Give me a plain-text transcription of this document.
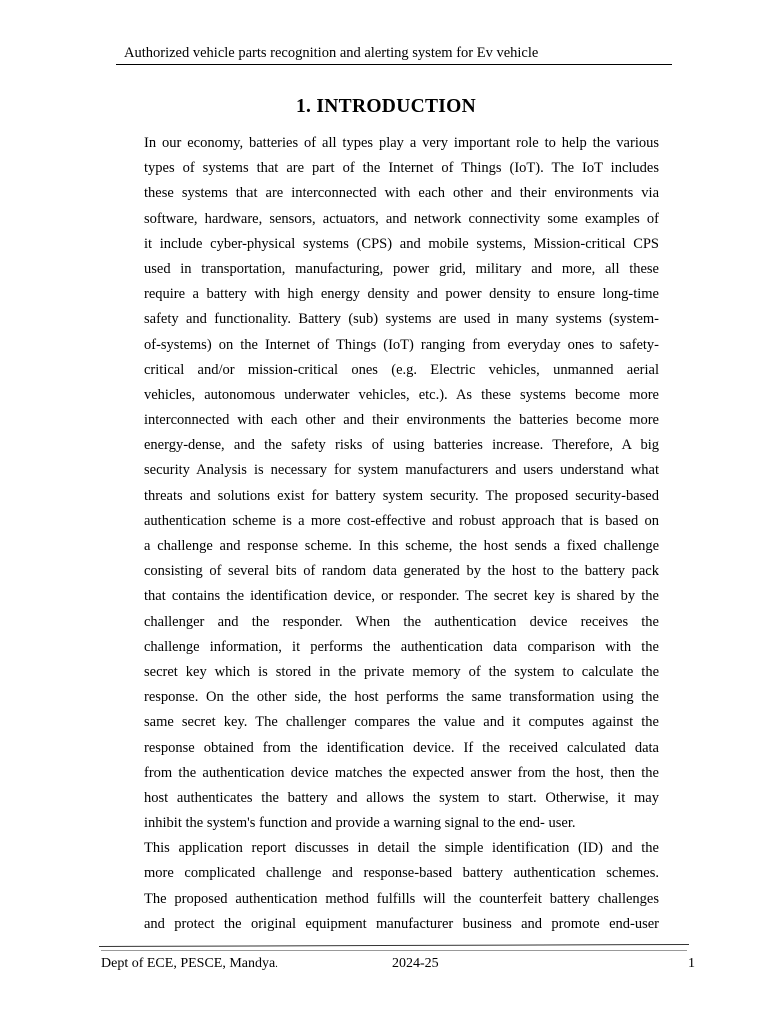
Authorized vehicle parts recognition and alerting system for Ev vehicle
1. INTRODUCTION
In our economy, batteries of all types play a very important role to help the various
types of systems that are part of the Internet of Things (IoT). The IoT includes
these systems that are interconnected with each other and their environments via
software, hardware, sensors, actuators, and network connectivity some examples of
it include cyber-physical systems (CPS) and mobile systems, Mission-critical CPS
used in transportation, manufacturing, power grid, military and more, all these
require a battery with high energy density and power density to ensure long-time
safety and functionality. Battery (sub) systems are used in many systems (system-
of-systems) on the Internet of Things (IoT) ranging from everyday ones to safety-
critical and/or mission-critical ones (e.g. Electric vehicles, unmanned aerial
vehicles, autonomous underwater vehicles, etc.). As these systems become more
interconnected with each other and their environments the batteries become more
energy-dense, and the safety risks of using batteries increase. Therefore, A big
security Analysis is necessary for system manufacturers and users understand what
threats and solutions exist for battery system security. The proposed security-based
authentication scheme is a more cost-effective and robust approach that is based on
a challenge and response scheme. In this scheme, the host sends a fixed challenge
consisting of several bits of random data generated by the host to the battery pack
that contains the identification device, or responder. The secret key is shared by the
challenger and the responder. When the authentication device receives the
challenge information, it performs the authentication data comparison with the
secret key which is stored in the private memory of the system to calculate the
response. On the other side, the host performs the same transformation using the
same secret key. The challenger compares the value and it computes against the
response obtained from the identification device. If the received calculated data
from the authentication device matches the expected answer from the host, then the
host authenticates the battery and allows the system to start. Otherwise, it may
inhibit the system's function and provide a warning signal to the end- user.
This application report discusses in detail the simple identification (ID) and the
more complicated challenge and response-based battery authentication schemes.
The proposed authentication method fulfills will the counterfeit battery challenges
and protect the original equipment manufacturer business and promote end-user
Dept of ECE, PESCE, Mandya.	2024-25	1
